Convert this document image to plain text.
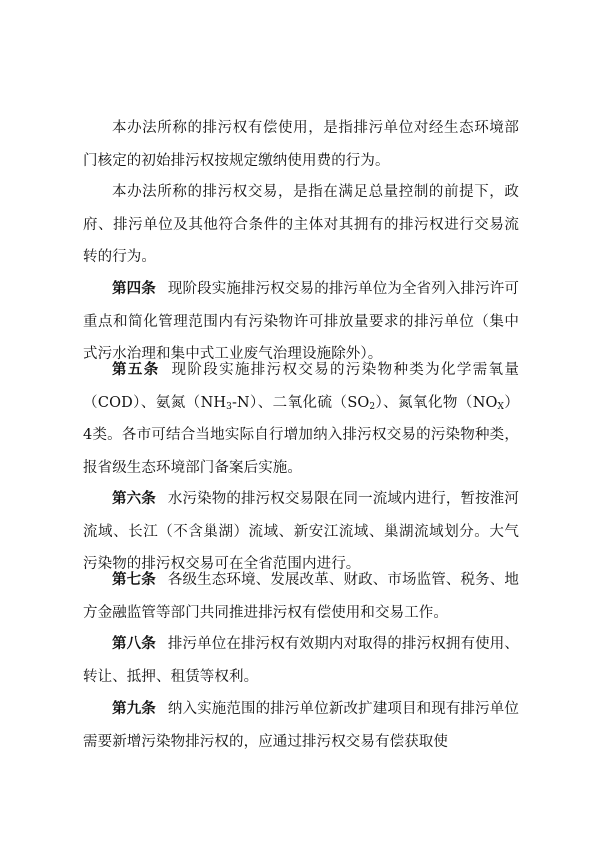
本办法所称的排污权有偿使用，是指排污单位对经生态环境部门核定的初始排污权按规定缴纳使用费的行为。

本办法所称的排污权交易，是指在满足总量控制的前提下，政府、排污单位及其他符合条件的主体对其拥有的排污权进行交易流转的行为。

第四条 现阶段实施排污权交易的排污单位为全省列入排污许可重点和简化管理范围内有污染物许可排放量要求的排污单位（集中式污水治理和集中式工业废气治理设施除外）。

第五条 现阶段实施排污权交易的污染物种类为化学需氧量（COD）、氨氮$(NH_3-N)$、二氧化硫$(SO_2)$、氮氧化物$(NO_X)4$类。各市可结合当地实际自行增加纳入排污权交易的污染物种类，报省级生态环境部门备案后实施。

第六条 水污染物的排污权交易限在同一流域内进行，暂按淮河流域、长江（不含巢湖）流域、新安江流域、巢湖流域划分。大气污染物的排污权交易可在全省范围内进行。

第七条 各级生态环境、发展改革、财政、市场监管、税务、地方金融监管等部门共同推进排污权有偿使用和交易工作。

第八条 排污单位在排污权有效期内对取得的排污权拥有使用、转让、抵押、租赁等权利。

第九条 纳入实施范围的排污单位新改扩建项目和现有排污单位需要新增污染物排污权的，应通过排污权交易有偿获取使
